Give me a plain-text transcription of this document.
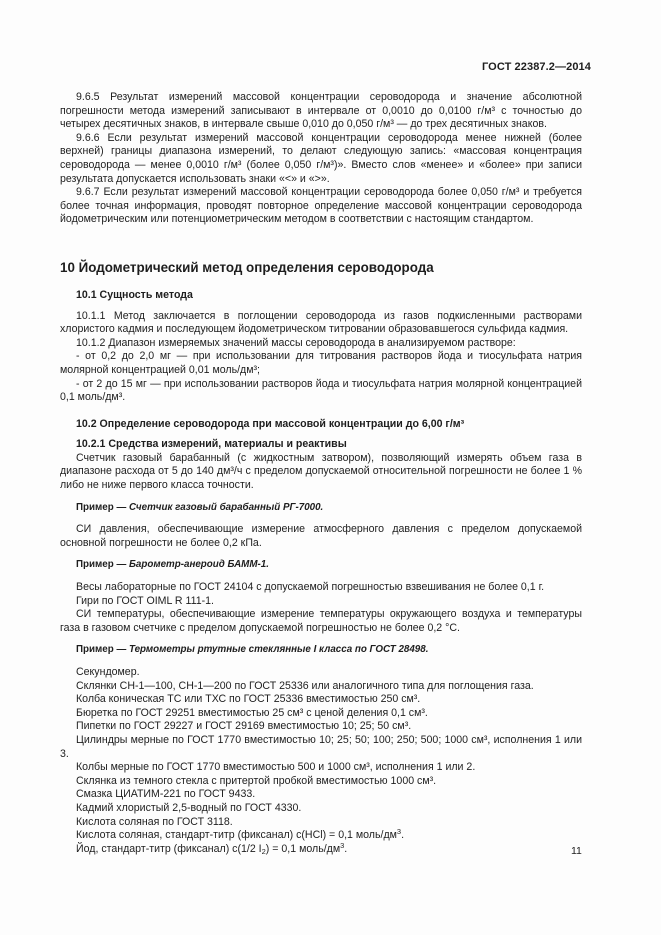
ГОСТ 22387.2—2014

9.6.5 Результат измерений массовой концентрации сероводорода и значение абсолютной погрешности метода измерений записывают в интервале от 0,0010 до 0,0100 г/м³ с точностью до четырех десятичных знаков, в интервале свыше 0,010 до 0,050 г/м³ — до трех десятичных знаков.

9.6.6 Если результат измерений массовой концентрации сероводорода менее нижней (более верхней) границы диапазона измерений, то делают следующую запись: «массовая концентрация сероводорода — менее 0,0010 г/м³ (более 0,050 г/м³)». Вместо слов «менее» и «более» при записи результата допускается использовать знаки «<» и «>».

9.6.7 Если результат измерений массовой концентрации сероводорода более 0,050 г/м³ и требуется более точная информация, проводят повторное определение массовой концентрации сероводорода йодометрическим или потенциометрическим методом в соответствии с настоящим стандартом.

10 Йодометрический метод определения сероводорода
10.1 Сущность метода

10.1.1 Метод заключается в поглощении сероводорода из газов подкисленными растворами хлористого кадмия и последующем йодометрическом титровании образовавшегося сульфида кадмия.

10.1.2 Диапазон измеряемых значений массы сероводорода в анализируемом растворе:

- от 0,2 до 2,0 мг — при использовании для титрования растворов йода и тиосульфата натрия молярной концентрацией 0,01 моль/дм³;

- от 2 до 15 мг — при использовании растворов йода и тиосульфата натрия молярной концентрацией 0,1 моль/дм³.

10.2 Определение сероводорода при массовой концентрации до 6,00 г/м³
10.2.1 Средства измерений, материалы и реактивы

Счетчик газовый барабанный (с жидкостным затвором), позволяющий измерять объем газа в диапазоне расхода от 5 до 140 дм³/ч с пределом допускаемой относительной погрешности не более 1 % либо не ниже первого класса точности.

Пример — Счетчик газовый барабанный РГ-7000.

СИ давления, обеспечивающие измерение атмосферного давления с пределом допускаемой основной погрешности не более 0,2 кПа.

Пример — Барометр-анероид БАММ-1.

Весы лабораторные по ГОСТ 24104 с допускаемой погрешностью взвешивания не более 0,1 г.

Гири по ГОСТ OIML R 111-1.

СИ температуры, обеспечивающие измерение температуры окружающего воздуха и температуры газа в газовом счетчике с пределом допускаемой погрешностью не более 0,2 °С.

Пример — Термометры ртутные стеклянные I класса по ГОСТ 28498.

Секундомер.

Склянки СН-1—100, СН-1—200 по ГОСТ 25336 или аналогичного типа для поглощения газа.

Колба коническая ТС или ТХС по ГОСТ 25336 вместимостью 250 см³.

Бюретка по ГОСТ 29251 вместимостью 25 см³ с ценой деления 0,1 см³.

Пипетки по ГОСТ 29227 и ГОСТ 29169 вместимостью 10; 25; 50 см³.

Цилиндры мерные по ГОСТ 1770 вместимостью 10; 25; 50; 100; 250; 500; 1000 см³, исполнения 1 или 3.

Колбы мерные по ГОСТ 1770 вместимостью 500 и 1000 см³, исполнения 1 или 2.

Склянка из темного стекла с притертой пробкой вместимостью 1000 см³.

Смазка ЦИАТИМ-221 по ГОСТ 9433.

Кадмий хлористый 2,5-водный по ГОСТ 4330.

Кислота соляная по ГОСТ 3118.

Кислота соляная, стандарт-титр (фиксанал) c(HCl) = 0,1 моль/$дм^3$.

Йод, стандарт-титр (фиксанал) c(1/2 $I_2) = 0,1$ моль/$дм^3$.	11
